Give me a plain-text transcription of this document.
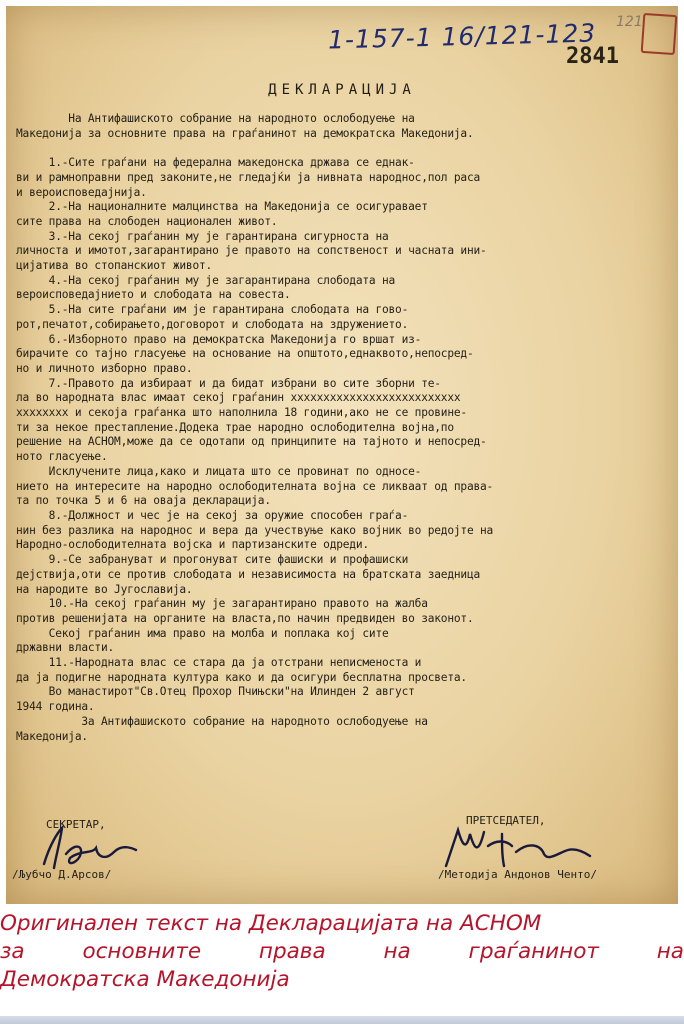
1-157-1 16/121-123 121
2841
ДЕКЛАРАЦИЈА
На Антифашиското собрание на народното ослободуење на
Македонија за основните права на граѓанинот на демократска Македонија.

1.-Сите граѓани на федерална македонска држава се еднак-
ви и рамноправни пред законите,не гледајќи ја нивната народнос,пол раса
и вероисповедајнија.
2.-На националните малцинства на Македонија се осигуравает
сите права на слободен национален живот.
3.-На секој граѓанин му је гарантирана сигурноста на
личноста и имотот,загарантирано је правото на сопственост и часната ини-
цијатива во стопанскиот живот.
4.-На секој граѓанин му је загарантирана слободата на
вероисповедајнието и слободата на совеста.
5.-На сите граѓани им је гарантирана слободата на гово-
рот,печатот,собирањето,договорот и слободата на здружението.
6.-Изборното право на демократска Македонија го вршат из-
бирачите со тајно гласуење на основание на општото,еднаквото,непосред-
но и личното изборно право.
7.-Правото да избираат и да бидат избрани во сите зборни те-
ла во народната влас имаат секој граѓанин xxxxxxxxxxxxxxxxxxxxxxxxxx
xxxxxxxx и секоја граѓанка што наполнила 18 години,ако не се провине-
ти за некое престапление.Додека трае народно ослободителна војна,по
решение на АСНОМ,може да се одотапи од принципите на тајното и непосред-
ното гласуење.
Исклучените лица,како и лицата што се провинат по односе-
нието на интересите на народно ослободителната војна се ликваат од права-
та по точка 5 и 6 на овaja декларација.
8.-Должност и чес је на секој за оружие способен граѓа-
нин без разлика на народнос и вера да учествуње како војник во редојте на
Народно-ослободителната војска и партизанските одреди.
9.-Се забрануват и прогонуват сите фашиски и профашиски
дејствија,оти се против слободата и независимоста на братската заедница
на народите во Југославија.
10.-На секој граѓанин му је загарантирано правото на жалба
против решенијата на органите на власта,по начин предвиден во законот.
Секој граѓанин има право на молба и поплака кој сите
државни власти.
11.-Народната влас се стара да ја отстрани неписменоста и
да ја подигне народната култура како и да осигури бесплатна просвета.
Во манастирот"Св.Отец Прохор Пчињски"на Илинден 2 август
1944 година.
За Антифашиското собрание на народното ослободуење на
Македонија.
СЕКРЕТАР,	ПРЕТСЕДАТЕЛ,
/Љубчо Д.Арсов/	/Методија Андонов Ченто/
Оригинален текст на Декларацијата на АСНОМ
за	основните	права	на	граѓанинот	на
Демократска Македонија
